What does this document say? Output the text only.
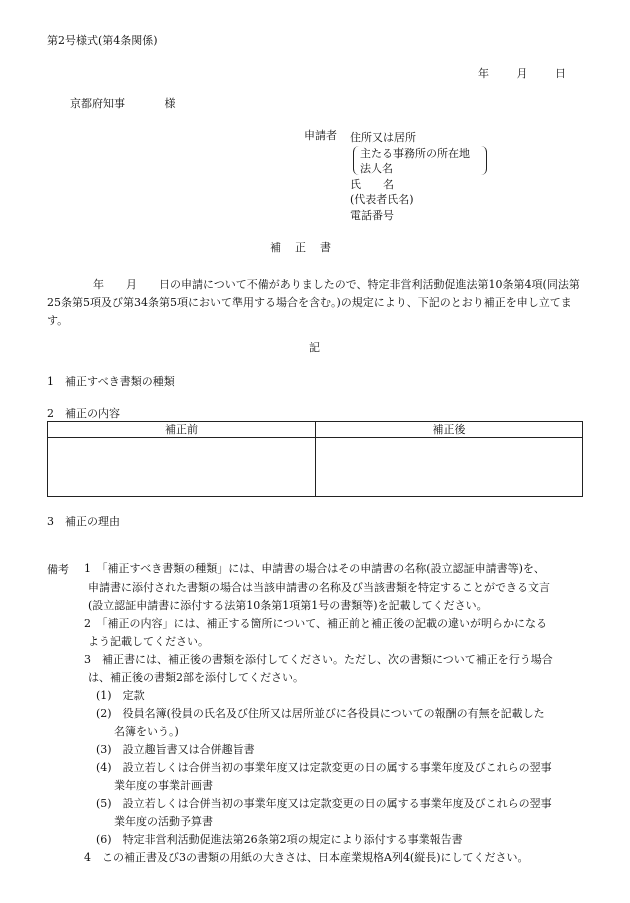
第2号様式(第4条関係)
年	月	日
京都府知事	様
申請者 住所又は居所
氏　　名
(代表者氏名)
電話番号
主たる事務所の所在地
法人名
補正書
年　　月　　日の申請について不備がありましたので、特定非営利活動促進法第10条第4項(同法第25条第5項及び第34条第5項において準用する場合を含む。)の規定により、下記のとおり補正を申し立てます。
記
1　補正すべき書類の種類
2　補正の内容
補正前	補正後
3　補正の理由
備考 1　「補正すべき書類の種類」には、申請書の場合はその申請書の名称(設立認証申請書等)を、
申請書に添付された書類の場合は当該申請書の名称及び当該書類を特定することができる文言
(設立認証申請書に添付する法第10条第1項第1号の書類等)を記載してください。
2　「補正の内容」には、補正する箇所について、補正前と補正後の記載の違いが明らかになる
よう記載してください。
3　補正書には、補正後の書類を添付してください。ただし、次の書類について補正を行う場合
は、補正後の書類2部を添付してください。
(1)　定款
(2)　役員名簿(役員の氏名及び住所又は居所並びに各役員についての報酬の有無を記載した
名簿をいう。)
(3)　設立趣旨書又は合併趣旨書
(4)　設立若しくは合併当初の事業年度又は定款変更の日の属する事業年度及びこれらの翌事
業年度の事業計画書
(5)　設立若しくは合併当初の事業年度又は定款変更の日の属する事業年度及びこれらの翌事
業年度の活動予算書
(6)　特定非営利活動促進法第26条第2項の規定により添付する事業報告書
4　この補正書及び3の書類の用紙の大きさは、日本産業規格A列4(縦長)にしてください。
